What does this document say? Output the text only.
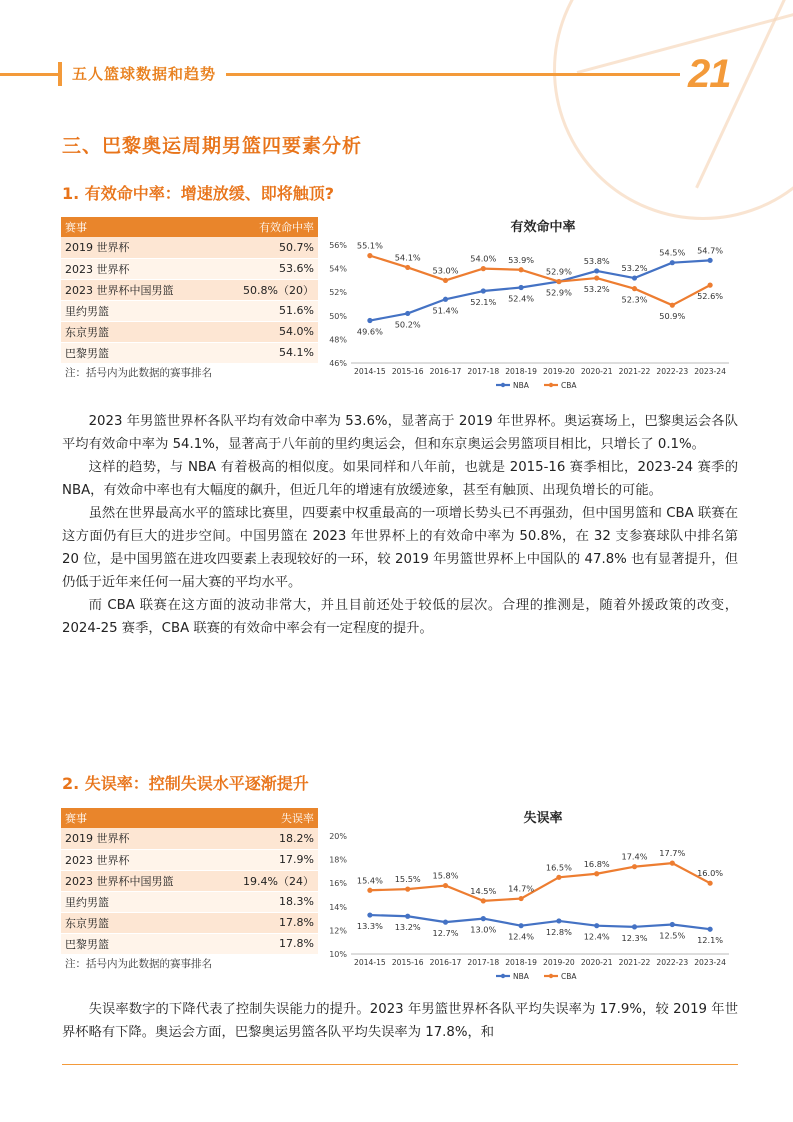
五人篮球数据和趋势	21
三、巴黎奥运周期男篮四要素分析
1. 有效命中率：增速放缓、即将触顶?
赛事	有效命中率
2019 世界杯	50.7%
2023 世界杯	53.6%
2023 世界杯中国男篮	50.8%（20）
里约男篮	51.6%
东京男篮	54.0%
巴黎男篮	54.1%
注：括号内为此数据的赛事排名	
有效命中率
46%
48%
50%
52%
54%
56%
2014-15 2015-16 2016-17 2017-18 2018-19 2019-20 2020-21 2021-22 2022-23 2023-24
49.6%
50.2%
51.4%
52.1% 52.4%
52.9%
53.8%
53.2%
54.5% 54.7%
55.1%
54.1%
53.0%
54.0% 53.9%
52.9% 53.2%
52.3%
50.9%
52.6%
NBA	CBA

2023 年男篮世界杯各队平均有效命中率为 53.6%，显著高于 2019 年世界杯。奥运赛场上，巴黎奥运会各队平均有效命中率为 54.1%，显著高于八年前的里约奥运会，但和东京奥运会男篮项目相比，只增长了 0.1%。

这样的趋势，与 NBA 有着极高的相似度。如果同样和八年前，也就是 2015-16 赛季相比，2023-24 赛季的 NBA，有效命中率也有大幅度的飙升，但近几年的增速有放缓迹象，甚至有触顶、出现负增长的可能。

虽然在世界最高水平的篮球比赛里，四要素中权重最高的一项增长势头已不再强劲，但中国男篮和 CBA 联赛在这方面仍有巨大的进步空间。中国男篮在 2023 年世界杯上的有效命中率为 50.8%，在 32 支参赛球队中排名第 20 位，是中国男篮在进攻四要素上表现较好的一环，较 2019 年男篮世界杯上中国队的 47.8% 也有显著提升，但仍低于近年来任何一届大赛的平均水平。

而 CBA 联赛在这方面的波动非常大，并且目前还处于较低的层次。合理的推测是，随着外援政策的改变，2024-25 赛季，CBA 联赛的有效命中率会有一定程度的提升。

2. 失误率：控制失误水平逐渐提升
赛事	失误率
2019 世界杯	18.2%
2023 世界杯	17.9%
2023 世界杯中国男篮	19.4%（24）
里约男篮	18.3%
东京男篮	17.8%
巴黎男篮	17.8%
注：括号内为此数据的赛事排名	
失误率
10%
12%
14%
16%
18%
20%
2014-15 2015-16 2016-17 2017-18 2018-19 2019-20 2020-21 2021-22 2022-23 2023-24
13.3% 13.2%
12.7% 13.0%
12.4% 12.8% 12.4% 12.3% 12.5% 12.1%
15.4% 15.5% 15.8%
14.5% 14.7%
16.5% 16.8%
17.4% 17.7%
16.0%
NBA	CBA

失误率数字的下降代表了控制失误能力的提升。2023 年男篮世界杯各队平均失误率为 17.9%，较 2019 年世界杯略有下降。奥运会方面，巴黎奥运男篮各队平均失误率为 17.8%，和
